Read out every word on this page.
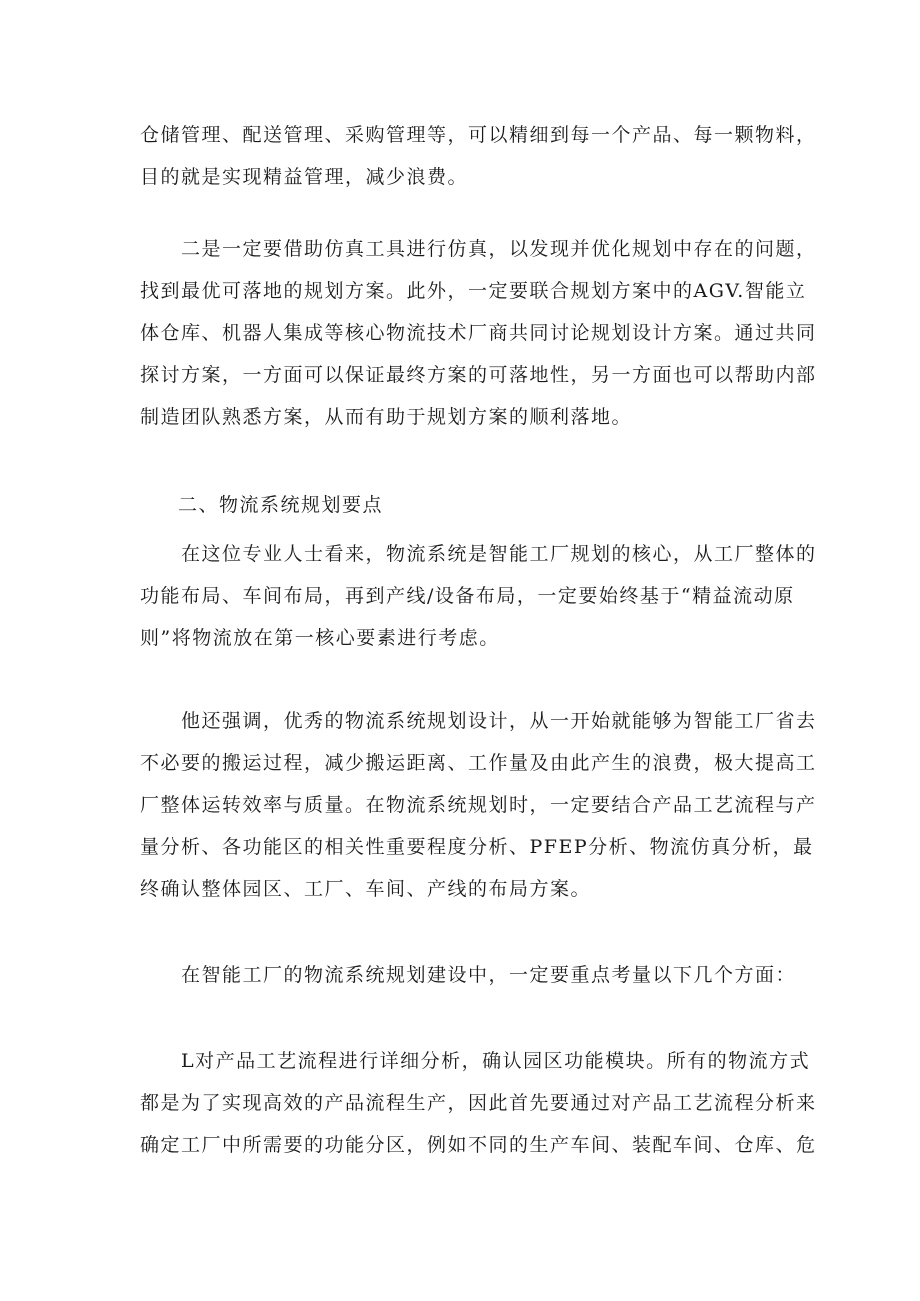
仓储管理、配送管理、采购管理等，可以精细到每一个产品、每一颗物料，
目的就是实现精益管理，减少浪费。

二是一定要借助仿真工具进行仿真，以发现并优化规划中存在的问题，
找到最优可落地的规划方案。此外，一定要联合规划方案中的AGV.智能立
体仓库、机器人集成等核心物流技术厂商共同讨论规划设计方案。通过共同
探讨方案，一方面可以保证最终方案的可落地性，另一方面也可以帮助内部
制造团队熟悉方案，从而有助于规划方案的顺利落地。

二、物流系统规划要点

在这位专业人士看来，物流系统是智能工厂规划的核心，从工厂整体的
功能布局、车间布局，再到产线/设备布局，一定要始终基于“精益流动原
则”将物流放在第一核心要素进行考虑。

他还强调，优秀的物流系统规划设计，从一开始就能够为智能工厂省去
不必要的搬运过程，减少搬运距离、工作量及由此产生的浪费，极大提高工
厂整体运转效率与质量。在物流系统规划时，一定要结合产品工艺流程与产
量分析、各功能区的相关性重要程度分析、PFEP分析、物流仿真分析，最
终确认整体园区、工厂、车间、产线的布局方案。

在智能工厂的物流系统规划建设中，一定要重点考量以下几个方面：

L对产品工艺流程进行详细分析，确认园区功能模块。所有的物流方式
都是为了实现高效的产品流程生产，因此首先要通过对产品工艺流程分析来
确定工厂中所需要的功能分区，例如不同的生产车间、装配车间、仓库、危
